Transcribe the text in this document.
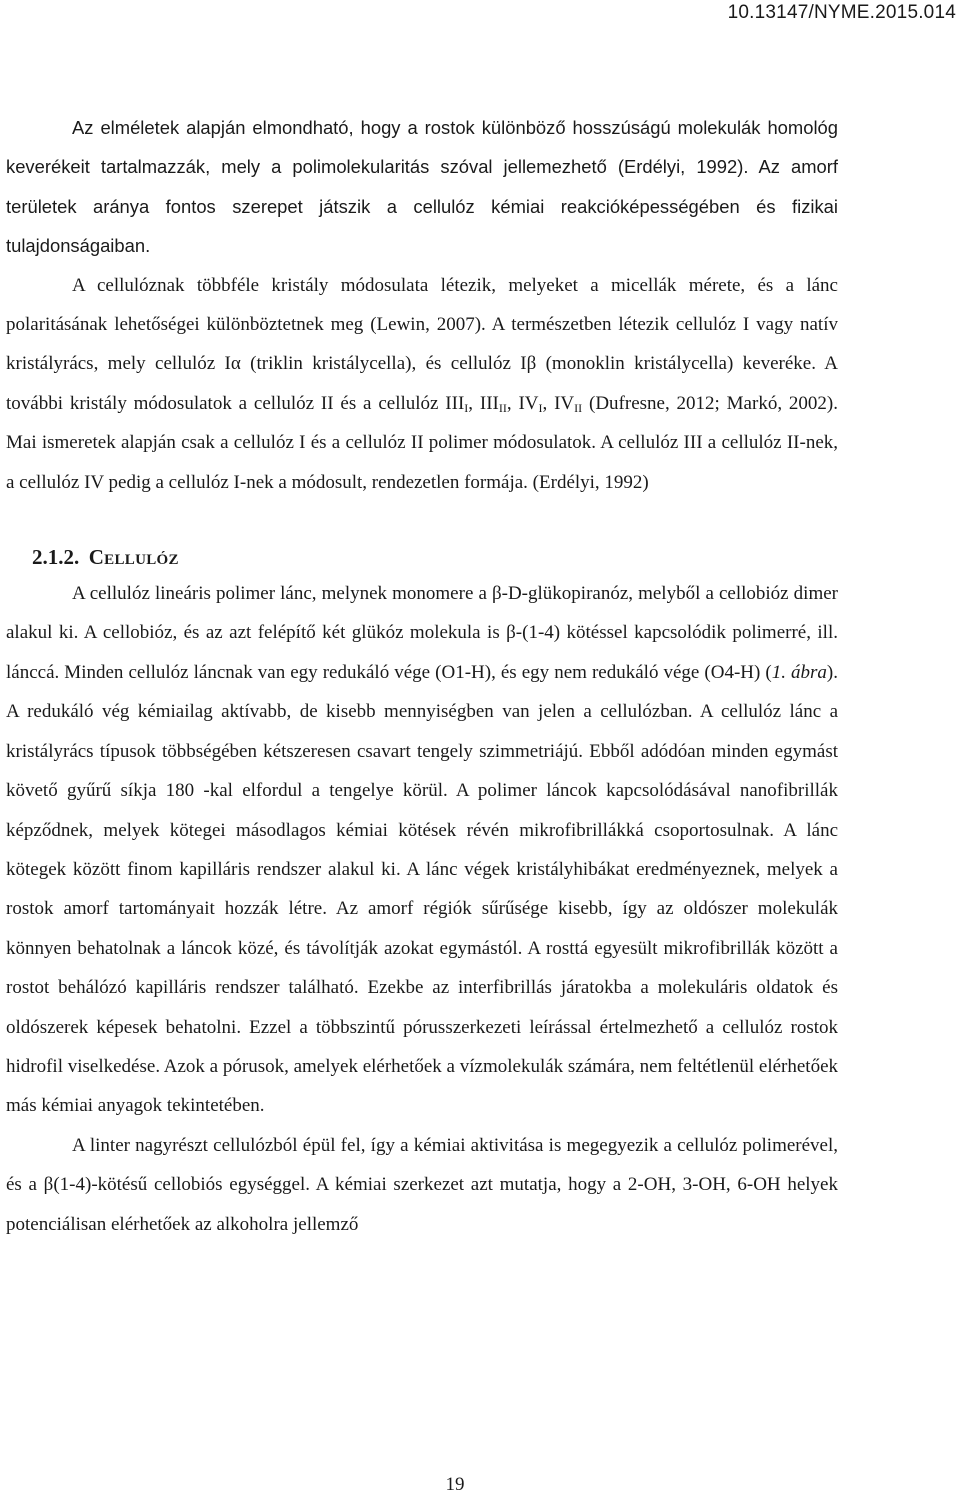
10.13147/NYME.2015.014

Az elméletek alapján elmondható, hogy a rostok különböző hosszúságú molekulák homológ keverékeit tartalmazzák, mely a polimolekularitás szóval jellemezhető (Erdélyi, 1992). Az amorf területek aránya fontos szerepet játszik a cellulóz kémiai reakcióképességében és fizikai tulajdonságaiban.

A cellulóznak többféle kristály módosulata létezik, melyeket a micellák mérete, és a lánc polaritásának lehetőségei különböztetnek meg (Lewin, 2007). A természetben létezik cellulóz I vagy natív kristályrács, mely cellulóz Iα (triklin kristálycella), és cellulóz Iβ (monoklin kristálycella) keveréke. A további kristály módosulatok a cellulóz II és a cellulóz $III_I$, $III_{II}$, $IV_I$, $IV_{II}$ (Dufresne, 2012; Markó, 2002). Mai ismeretek alapján csak a cellulóz I és a cellulóz II polimer módosulatok. A cellulóz III a cellulóz II-nek, a cellulóz IV pedig a cellulóz I-nek a módosult, rendezetlen formája. (Erdélyi, 1992)

2.1.2. Cellulóz

A cellulóz lineáris polimer lánc, melynek monomere a β-D-glükopiranóz, melyből a cellobióz dimer alakul ki. A cellobióz, és az azt felépítő két glükóz molekula is β-(1-4) kötéssel kapcsolódik polimerré, ill. lánccá. Minden cellulóz láncnak van egy redukáló vége (O1-H), és egy nem redukáló vége (O4-H) (1. ábra). A redukáló vég kémiailag aktívabb, de kisebb mennyiségben van jelen a cellulózban. A cellulóz lánc a kristályrács típusok többségében kétszeresen csavart tengely szimmetriájú. Ebből adódóan minden egymást követő gyűrű síkja 180 -kal elfordul a tengelye körül. A polimer láncok kapcsolódásával nanofibrillák képződnek, melyek kötegei másodlagos kémiai kötések révén mikrofibrillákká csoportosulnak. A lánc kötegek között finom kapilláris rendszer alakul ki. A lánc végek kristályhibákat eredményeznek, melyek a rostok amorf tartományait hozzák létre. Az amorf régiók sűrűsége kisebb, így az oldószer molekulák könnyen behatolnak a láncok közé, és távolítják azokat egymástól. A rosttá egyesült mikrofibrillák között a rostot behálózó kapilláris rendszer található. Ezekbe az interfibrillás járatokba a molekuláris oldatok és oldószerek képesek behatolni. Ezzel a többszintű pórusszerkezeti leírással értelmezhető a cellulóz rostok hidrofil viselkedése. Azok a pórusok, amelyek elérhetőek a vízmolekulák számára, nem feltétlenül elérhetőek más kémiai anyagok tekintetében.

A linter nagyrészt cellulózból épül fel, így a kémiai aktivitása is megegyezik a cellulóz polimerével, és a β(1-4)-kötésű cellobiós egységgel. A kémiai szerkezet azt mutatja, hogy a 2-OH, 3-OH, 6-OH helyek potenciálisan elérhetőek az alkoholra jellemző

19
